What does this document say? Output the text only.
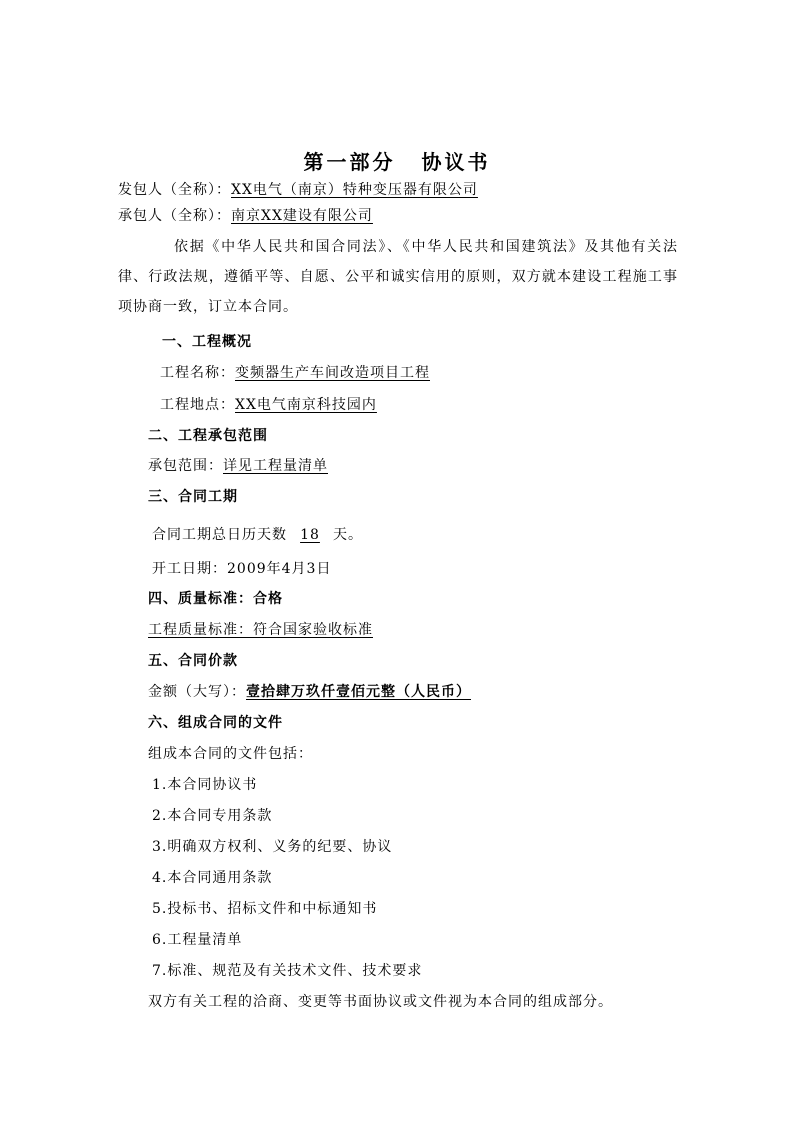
第一部分 协议书
发包人（全称）：XX电气（南京）特种变压器有限公司
承包人（全称）：南京XX建设有限公司
依据《中华人民共和国合同法》、《中华人民共和国建筑法》及其他有关法律、行政法规，遵循平等、自愿、公平和诚实信用的原则，双方就本建设工程施工事项协商一致，订立本合同。
一、工程概况
工程名称：变频器生产车间改造项目工程
工程地点：XX电气南京科技园内
二、工程承包范围
承包范围：详见工程量清单
三、合同工期
合同工期总日历天数 18 天。
开工日期：2009年4月3日
四、质量标准：合格
工程质量标准：符合国家验收标准
五、合同价款
金额（大写）：壹拾肆万玖仟壹佰元整（人民币）
六、组成合同的文件
组成本合同的文件包括：
1.本合同协议书
2.本合同专用条款
3.明确双方权利、义务的纪要、协议
4.本合同通用条款
5.投标书、招标文件和中标通知书
6.工程量清单
7.标准、规范及有关技术文件、技术要求
双方有关工程的洽商、变更等书面协议或文件视为本合同的组成部分。
